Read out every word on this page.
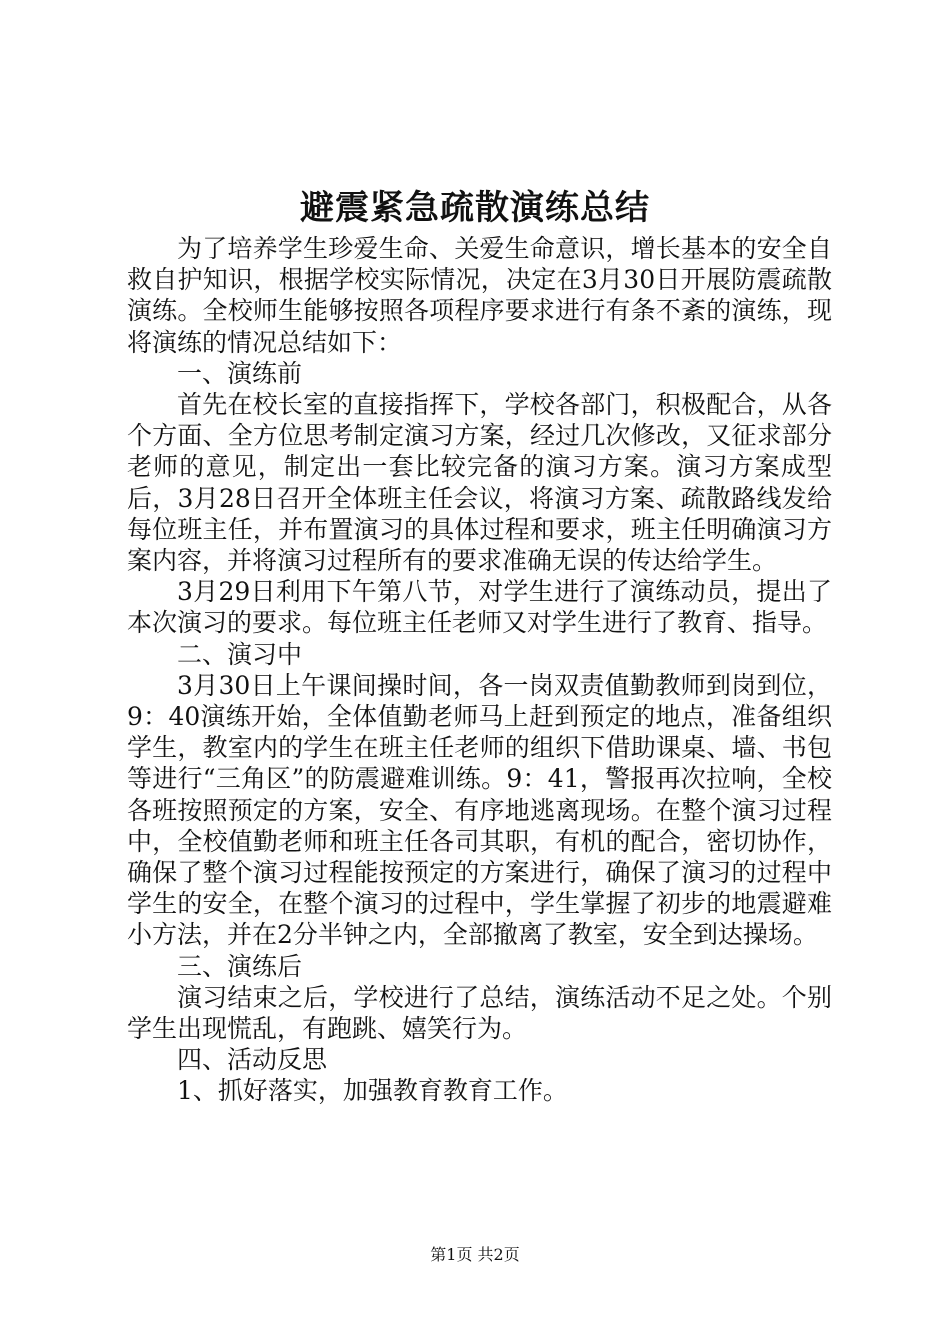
避震紧急疏散演练总结

为了培养学生珍爱生命、关爱生命意识，增长基本的安全自救自护知识，根据学校实际情况，决定在3月30日开展防震疏散演练。全校师生能够按照各项程序要求进行有条不紊的演练，现将演练的情况总结如下：

一、演练前

首先在校长室的直接指挥下，学校各部门，积极配合，从各个方面、全方位思考制定演习方案，经过几次修改，又征求部分老师的意见，制定出一套比较完备的演习方案。演习方案成型后，3月28日召开全体班主任会议，将演习方案、疏散路线发给每位班主任，并布置演习的具体过程和要求，班主任明确演习方案内容，并将演习过程所有的要求准确无误的传达给学生。

3月29日利用下午第八节，对学生进行了演练动员，提出了本次演习的要求。每位班主任老师又对学生进行了教育、指导。

二、演习中

3月30日上午课间操时间，各一岗双责值勤教师到岗到位，9：40演练开始，全体值勤老师马上赶到预定的地点，准备组织学生，教室内的学生在班主任老师的组织下借助课桌、墙、书包等进行“三角区”的防震避难训练。9：41，警报再次拉响，全校各班按照预定的方案，安全、有序地逃离现场。在整个演习过程中，全校值勤老师和班主任各司其职，有机的配合，密切协作，确保了整个演习过程能按预定的方案进行，确保了演习的过程中学生的安全，在整个演习的过程中，学生掌握了初步的地震避难小方法，并在2分半钟之内，全部撤离了教室，安全到达操场。

三、演练后

演习结束之后，学校进行了总结，演练活动不足之处。个别学生出现慌乱，有跑跳、嬉笑行为。

四、活动反思

1、抓好落实，加强教育教育工作。

第1页 共2页
